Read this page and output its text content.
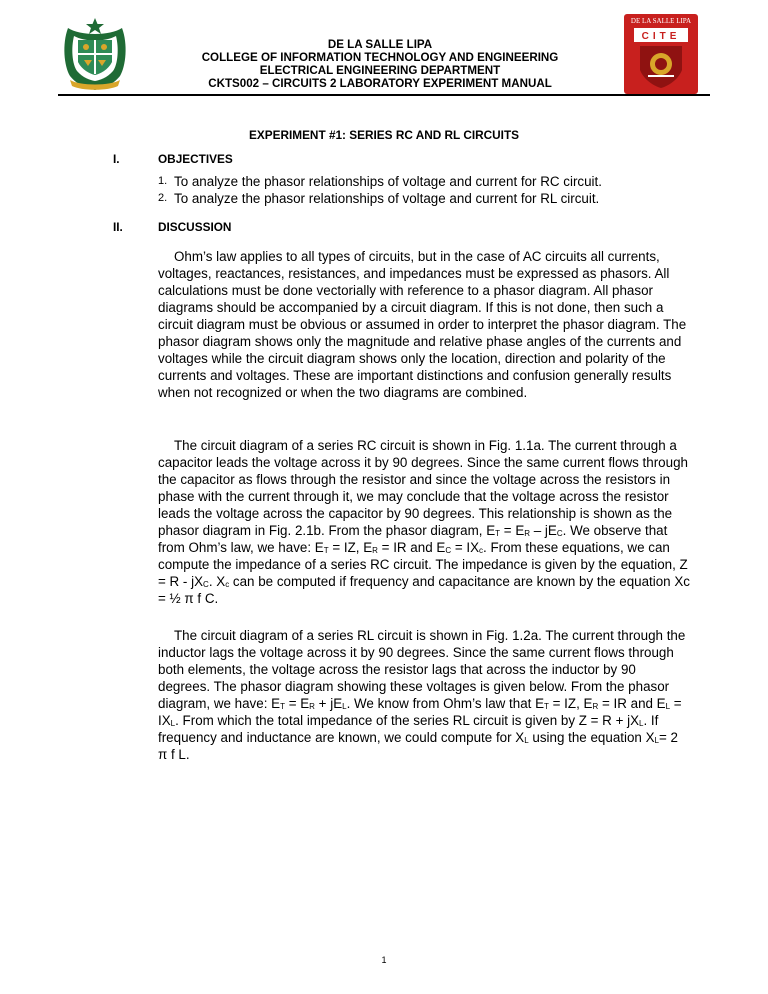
DE LA SALLE LIPA
COLLEGE OF INFORMATION TECHNOLOGY AND ENGINEERING
ELECTRICAL ENGINEERING DEPARTMENT
CKTS002 – CIRCUITS 2 LABORATORY EXPERIMENT MANUAL
DE LA SALLE LIPA
CITE
EXPERIMENT #1: SERIES RC AND RL CIRCUITS
I.	OBJECTIVES
1. To analyze the phasor relationships of voltage and current for RC circuit.
2. To analyze the phasor relationships of voltage and current for RL circuit.
II.	DISCUSSION

Ohm’s law applies to all types of circuits, but in the case of AC circuits all currents, voltages, reactances, resistances, and impedances must be expressed as phasors. All calculations must be done vectorially with reference to a phasor diagram. All phasor diagrams should be accompanied by a circuit diagram. If this is not done, then such a circuit diagram must be obvious or assumed in order to interpret the phasor diagram. The phasor diagram shows only the magnitude and relative phase angles of the currents and voltages while the circuit diagram shows only the location, direction and polarity of the currents and voltages. These are important distinctions and confusion generally results when not recognized or when the two diagrams are combined.

The circuit diagram of a series RC circuit is shown in Fig. 1.1a. The current through a capacitor leads the voltage across it by 90 degrees. Since the same current flows through the capacitor as flows through the resistor and since the voltage across the resistors in phase with the current through it, we may conclude that the voltage across the resistor leads the voltage across the capacitor by 90 degrees. This relationship is shown as the phasor diagram in Fig. 2.1b. From the phasor diagram, $E_T = E_R - jE_C$. We observe that from Ohm’s law, we have: $E_T$ = IZ, $E_R$ = IR and $E_C = IX_c$. From these equations, we can compute the impedance of a series RC circuit. The impedance is given by the equation, $Z = R - jX_C$. $X_c$ can be computed if frequency and capacitance are known by the equation Xc = ½ π f C.

The circuit diagram of a series RL circuit is shown in Fig. 1.2a. The current through the inductor lags the voltage across it by 90 degrees. Since the same current flows through both elements, the voltage across the resistor lags that across the inductor by 90 degrees. The phasor diagram showing these voltages is given below. From the phasor diagram, we have: $E_T = E_R + jE_L$. We know from Ohm’s law that $E_T$ = IZ, $E_R$ = IR and $E_L = IX_L$. From which the total impedance of the series RL circuit is given by $Z = R + jX_L$. If frequency and inductance are known, we could compute for $X_L$ using the equation $X_L= 2$ π f L.

1
